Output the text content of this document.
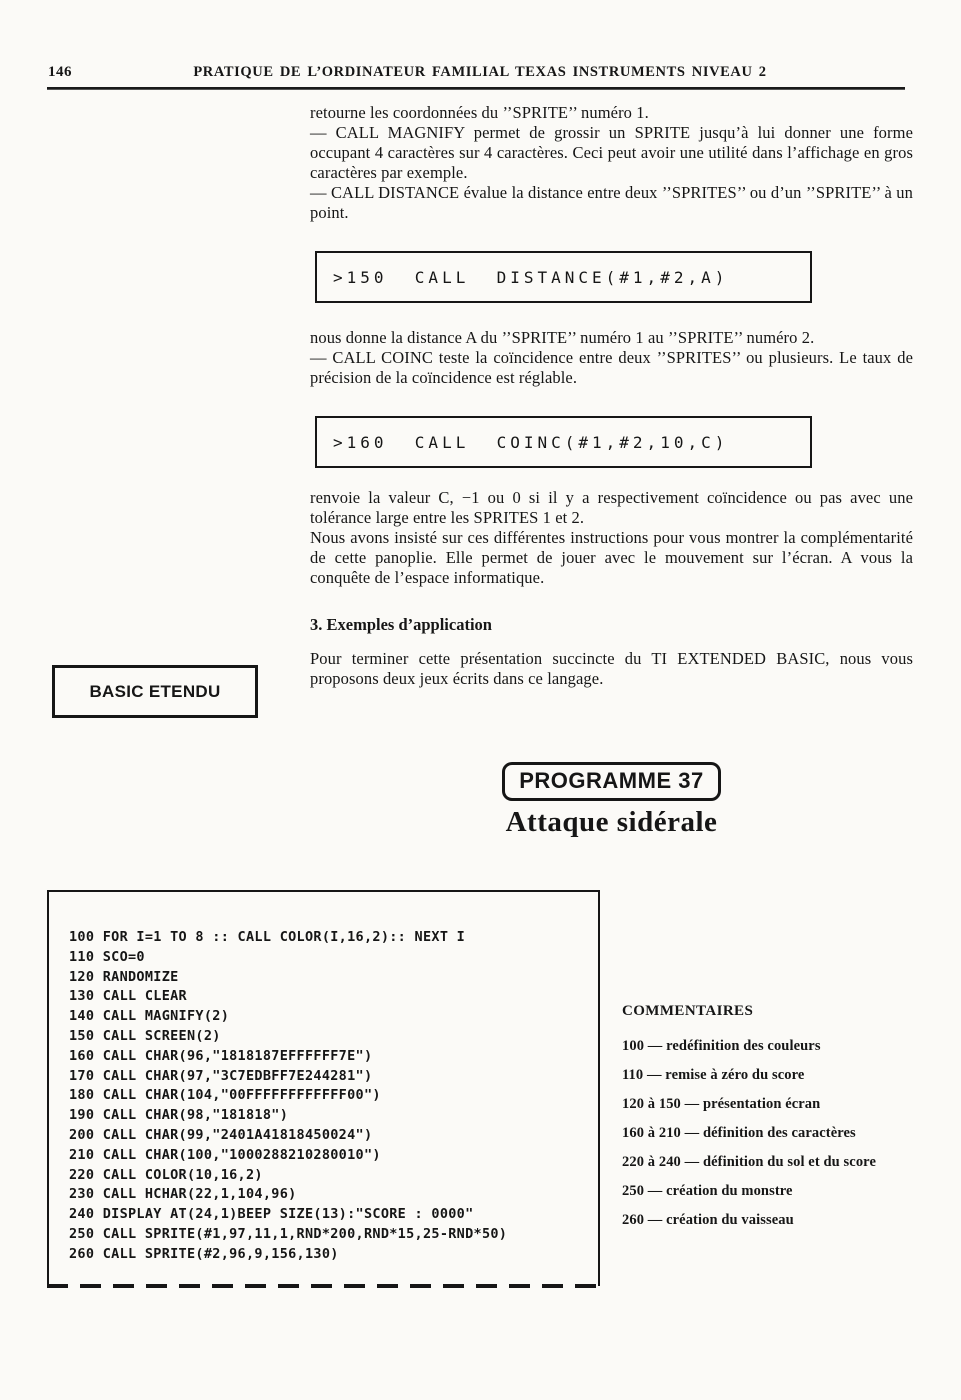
146	PRATIQUE DE L’ORDINATEUR FAMILIAL TEXAS INSTRUMENTS NIVEAU 2

retourne les coordonnées du ’’SPRITE’’ numéro 1.

— CALL MAGNIFY permet de grossir un SPRITE jusqu’à lui donner une forme occupant 4 caractères sur 4 caractères. Ceci peut avoir une utilité dans l’affichage en gros caractères par exemple.

— CALL DISTANCE évalue la distance entre deux ’’SPRITES’’ ou d’un ’’SPRITE’’ à un point.

>150  CALL  DISTANCE(#1,#2,A)

nous donne la distance A du ’’SPRITE’’ numéro 1 au ’’SPRITE’’ numéro 2.

— CALL COINC teste la coïncidence entre deux ’’SPRITES’’ ou plusieurs. Le taux de précision de la coïncidence est réglable.

>160  CALL  COINC(#1,#2,10,C)

renvoie la valeur C, −1 ou 0 si il y a respectivement coïncidence ou pas avec une tolérance large entre les SPRITES 1 et 2.

Nous avons insisté sur ces différentes instructions pour vous montrer la complémentarité de cette panoplie. Elle permet de jouer avec le mouvement sur l’écran. A vous la conquête de l’espace informatique.

3. Exemples d’application

Pour terminer cette présentation succincte du TI EXTENDED BASIC, nous vous proposons deux jeux écrits dans ce langage.

BASIC ETENDU
PROGRAMME 37
Attaque sidérale
100 FOR I=1 TO 8 :: CALL COLOR(I,16,2):: NEXT I
110 SCO=0
120 RANDOMIZE
130 CALL CLEAR
140 CALL MAGNIFY(2)
150 CALL SCREEN(2)
160 CALL CHAR(96,"1818187EFFFFFF7E")
170 CALL CHAR(97,"3C7EDBFF7E244281")
180 CALL CHAR(104,"00FFFFFFFFFFFF00")
190 CALL CHAR(98,"181818")
200 CALL CHAR(99,"2401A41818450024")
210 CALL CHAR(100,"1000288210280010")
220 CALL COLOR(10,16,2)
230 CALL HCHAR(22,1,104,96)
240 DISPLAY AT(24,1)BEEP SIZE(13):"SCORE : 0000"
250 CALL SPRITE(#1,97,11,1,RND*200,RND*15,25-RND*50)
260 CALL SPRITE(#2,96,9,156,130)
COMMENTAIRES
100 — redéfinition des couleurs
110 — remise à zéro du score
120 à 150 — présentation écran
160 à 210 — définition des caractères
220 à 240 — définition du sol et du score
250 — création du monstre
260 — création du vaisseau
